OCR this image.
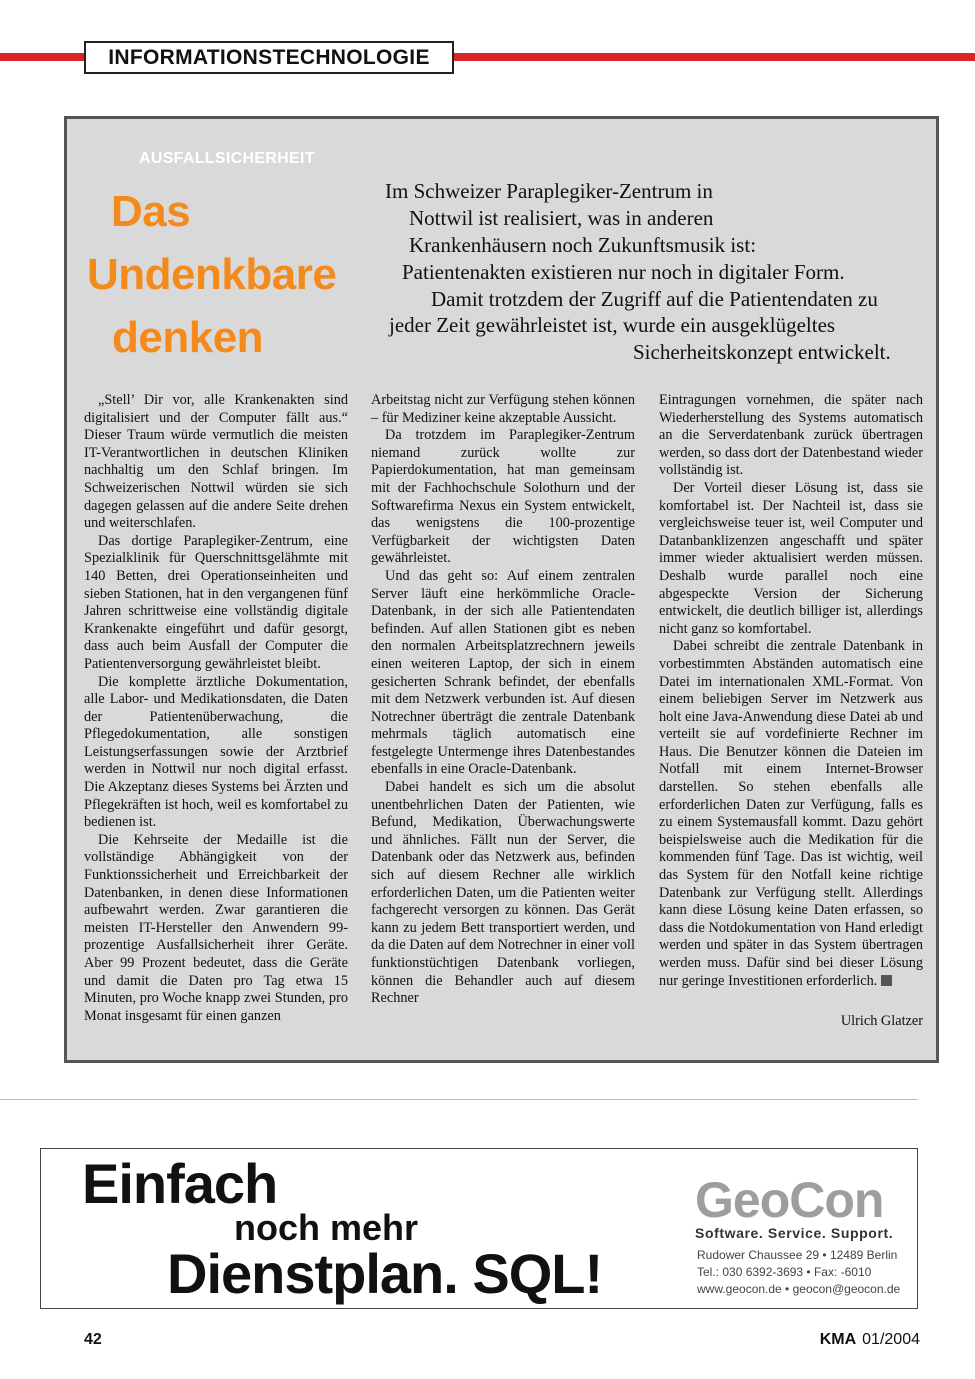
INFORMATIONSTECHNOLOGIE
AUSFALLSICHERHEIT
Das
Undenkbare
denken
Im Schweizer Paraplegiker-Zentrum in
Nottwil ist realisiert, was in anderen
Krankenhäusern noch Zukunftsmusik ist:
Patientenakten existieren nur noch in digitaler Form.
Damit trotzdem der Zugriff auf die Patientendaten zu
jeder Zeit gewährleistet ist, wurde ein ausgeklügeltes
Sicherheitskonzept entwickelt.

„Stell’ Dir vor, alle Krankenakten sind digitalisiert und der Computer fällt aus.“ Dieser Traum würde vermutlich die meisten IT-Verantwortlichen in deutschen Kliniken nachhaltig um den Schlaf bringen. Im Schweizerischen Nottwil würden sie sich dagegen gelassen auf die andere Seite drehen und weiterschlafen.

Das dortige Paraplegiker-Zentrum, eine Spezialklinik für Querschnittsgelähmte mit 140 Betten, drei Operationseinheiten und sieben Stationen, hat in den vergangenen fünf Jahren schrittweise eine vollständig digitale Krankenakte eingeführt und dafür gesorgt, dass auch beim Ausfall der Computer die Patientenversorgung gewährleistet bleibt.

Die komplette ärztliche Dokumentation, alle Labor- und Medikationsdaten, die Daten der Patientenüberwachung, die Pflegedokumentation, alle sonstigen Leistungserfassungen sowie der Arztbrief werden in Nottwil nur noch digital erfasst. Die Akzeptanz dieses Systems bei Ärzten und Pflegekräften ist hoch, weil es komfortabel zu bedienen ist.

Die Kehrseite der Medaille ist die vollständige Abhängigkeit von der Funktionssicherheit und Erreichbarkeit der Datenbanken, in denen diese Informationen aufbewahrt werden. Zwar garantieren die meisten IT-Hersteller den Anwendern 99-prozentige Ausfallsicherheit ihrer Geräte. Aber 99 Prozent bedeutet, dass die Geräte und damit die Daten pro Tag etwa 15 Minuten, pro Woche knapp zwei Stunden, pro Monat insgesamt für einen ganzen

Arbeitstag nicht zur Verfügung stehen können – für Mediziner keine akzeptable Aussicht.

Da trotzdem im Paraplegiker-Zentrum niemand zurück wollte zur Papierdokumentation, hat man gemeinsam mit der Fachhochschule Solothurn und der Softwarefirma Nexus ein System entwickelt, das wenigstens die 100-prozentige Verfügbarkeit der wichtigsten Daten gewährleistet.

Und das geht so: Auf einem zentralen Server läuft eine herkömmliche Oracle-Datenbank, in der sich alle Patientendaten befinden. Auf allen Stationen gibt es neben den normalen Arbeitsplatzrechnern jeweils einen weiteren Laptop, der sich in einem gesicherten Schrank befindet, der ebenfalls mit dem Netzwerk verbunden ist. Auf diesen Notrechner überträgt die zentrale Datenbank mehrmals täglich automatisch eine festgelegte Untermenge ihres Datenbestandes ebenfalls in eine Oracle-Datenbank.

Dabei handelt es sich um die absolut unentbehrlichen Daten der Patienten, wie Befund, Medikation, Überwachungswerte und ähnliches. Fällt nun der Server, die Datenbank oder das Netzwerk aus, befinden sich auf diesem Rechner alle wirklich erforderlichen Daten, um die Patienten weiter fachgerecht versorgen zu können. Das Gerät kann zu jedem Bett transportiert werden, und da die Daten auf dem Notrechner in einer voll funktionstüchtigen Datenbank vorliegen, können die Behandler auch auf diesem Rechner

Eintragungen vornehmen, die später nach Wiederherstellung des Systems automatisch an die Serverdatenbank zurück übertragen werden, so dass dort der Datenbestand wieder vollständig ist.

Der Vorteil dieser Lösung ist, dass sie komfortabel ist. Der Nachteil ist, dass sie vergleichsweise teuer ist, weil Computer und Datanbanklizenzen angeschafft und später immer wieder aktualisiert werden müssen. Deshalb wurde parallel noch eine abgespeckte Version der Sicherung entwickelt, die deutlich billiger ist, allerdings nicht ganz so komfortabel.

Dabei schreibt die zentrale Datenbank in vorbestimmten Abständen automatisch eine Datei im internationalen XML-Format. Von einem beliebigen Server im Netzwerk aus holt eine Java-Anwendung diese Datei ab und verteilt sie auf vordefinierte Rechner im Haus. Die Benutzer können die Dateien im Notfall mit einem Internet-Browser darstellen. So stehen ebenfalls alle erforderlichen Daten zur Verfügung, falls es zu einem Systemausfall kommt. Dazu gehört beispielsweise auch die Medikation für die kommenden fünf Tage. Das ist wichtig, weil das System für den Notfall keine richtige Datenbank zur Verfügung stellt. Allerdings kann diese Lösung keine Daten erfassen, so dass die Notdokumentation von Hand erledigt werden und später in das System übertragen werden muss. Dafür sind bei dieser Lösung nur geringe Investitionen erforderlich.

Ulrich Glatzer
Einfach
noch mehr
Dienstplan. SQL!
GeoCon
Software. Service. Support.
Rudower Chaussee 29 • 12489 Berlin
Tel.: 030 6392-3693 • Fax: -6010
www.geocon.de • geocon@geocon.de
42	KMA 01/2004
